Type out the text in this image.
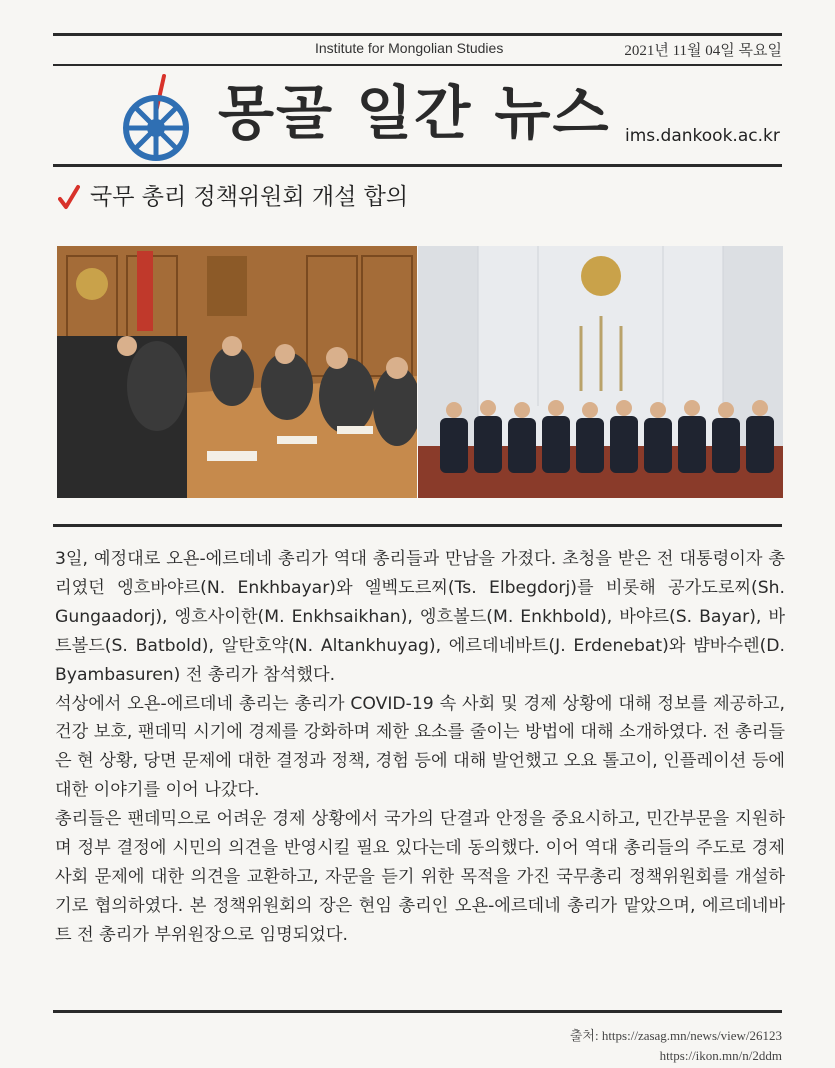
Institute for Mongolian Studies	2021년 11월 04일 목요일
몽골 일간 뉴스 ims.dankook.ac.kr
국무 총리 정책위원회 개설 합의

3일, 예정대로 오욘-에르데네 총리가 역대 총리들과 만남을 가졌다. 초청을 받은 전 대통령이자 총리였던 엥흐바야르(N. Enkhbayar)와 엘벡도르찌(Ts. Elbegdorj)를 비롯해 공가도로찌(Sh. Gungaadorj), 엥흐사이한(M. Enkhsaikhan), 엥흐볼드(M. Enkhbold), 바야르(S. Bayar), 바트볼드(S. Batbold), 알탄호약(N. Altankhuyag), 에르데네바트(J. Erdenebat)와 뱜바수렌(D. Byambasuren) 전 총리가 참석했다.

석상에서 오욘-에르데네 총리는 총리가 COVID-19 속 사회 및 경제 상황에 대해 정보를 제공하고, 건강 보호, 팬데믹 시기에 경제를 강화하며 제한 요소를 줄이는 방법에 대해 소개하였다. 전 총리들은 현 상황, 당면 문제에 대한 결정과 정책, 경험 등에 대해 발언했고 오요 톨고이, 인플레이션 등에 대한 이야기를 이어 나갔다.

총리들은 팬데믹으로 어려운 경제 상황에서 국가의 단결과 안정을 중요시하고, 민간부문을 지원하며 정부 결정에 시민의 의견을 반영시킬 필요 있다는데 동의했다. 이어 역대 총리들의 주도로 경제 사회 문제에 대한 의견을 교환하고, 자문을 듣기 위한 목적을 가진 국무총리 정책위원회를 개설하기로 협의하였다. 본 정책위원회의 장은 현임 총리인 오욘-에르데네 총리가 맡았으며, 에르데네바트 전 총리가 부위원장으로 임명되었다.

출처: https://zasag.mn/news/view/26123
https://ikon.mn/n/2ddm
